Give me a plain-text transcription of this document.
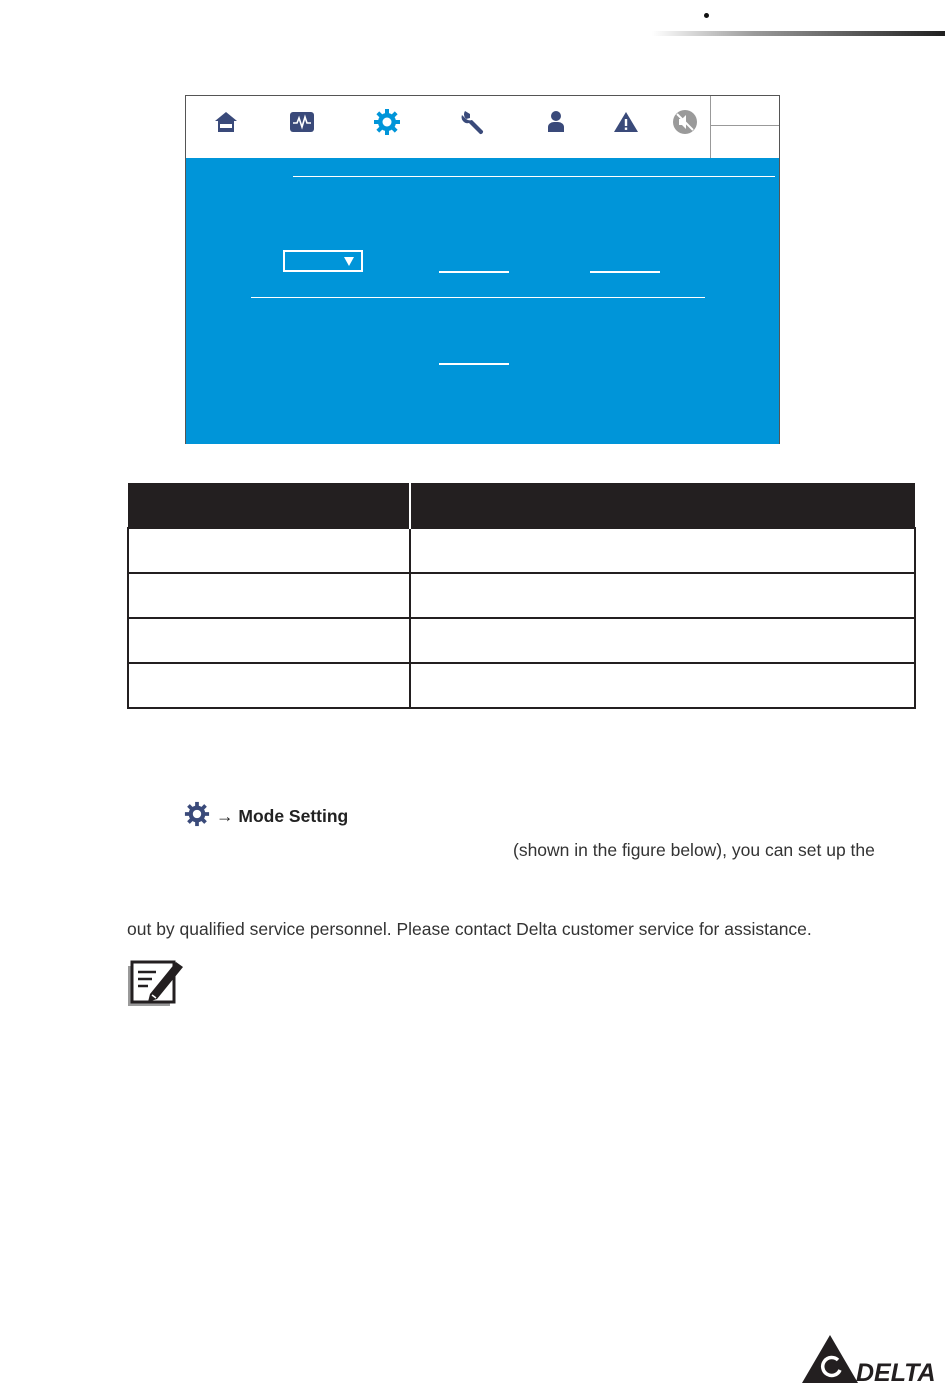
→ Mode Setting
(shown in the figure below), you can set up the
out by qualified service personnel. Please contact Delta customer service for assistance.
DELTA
